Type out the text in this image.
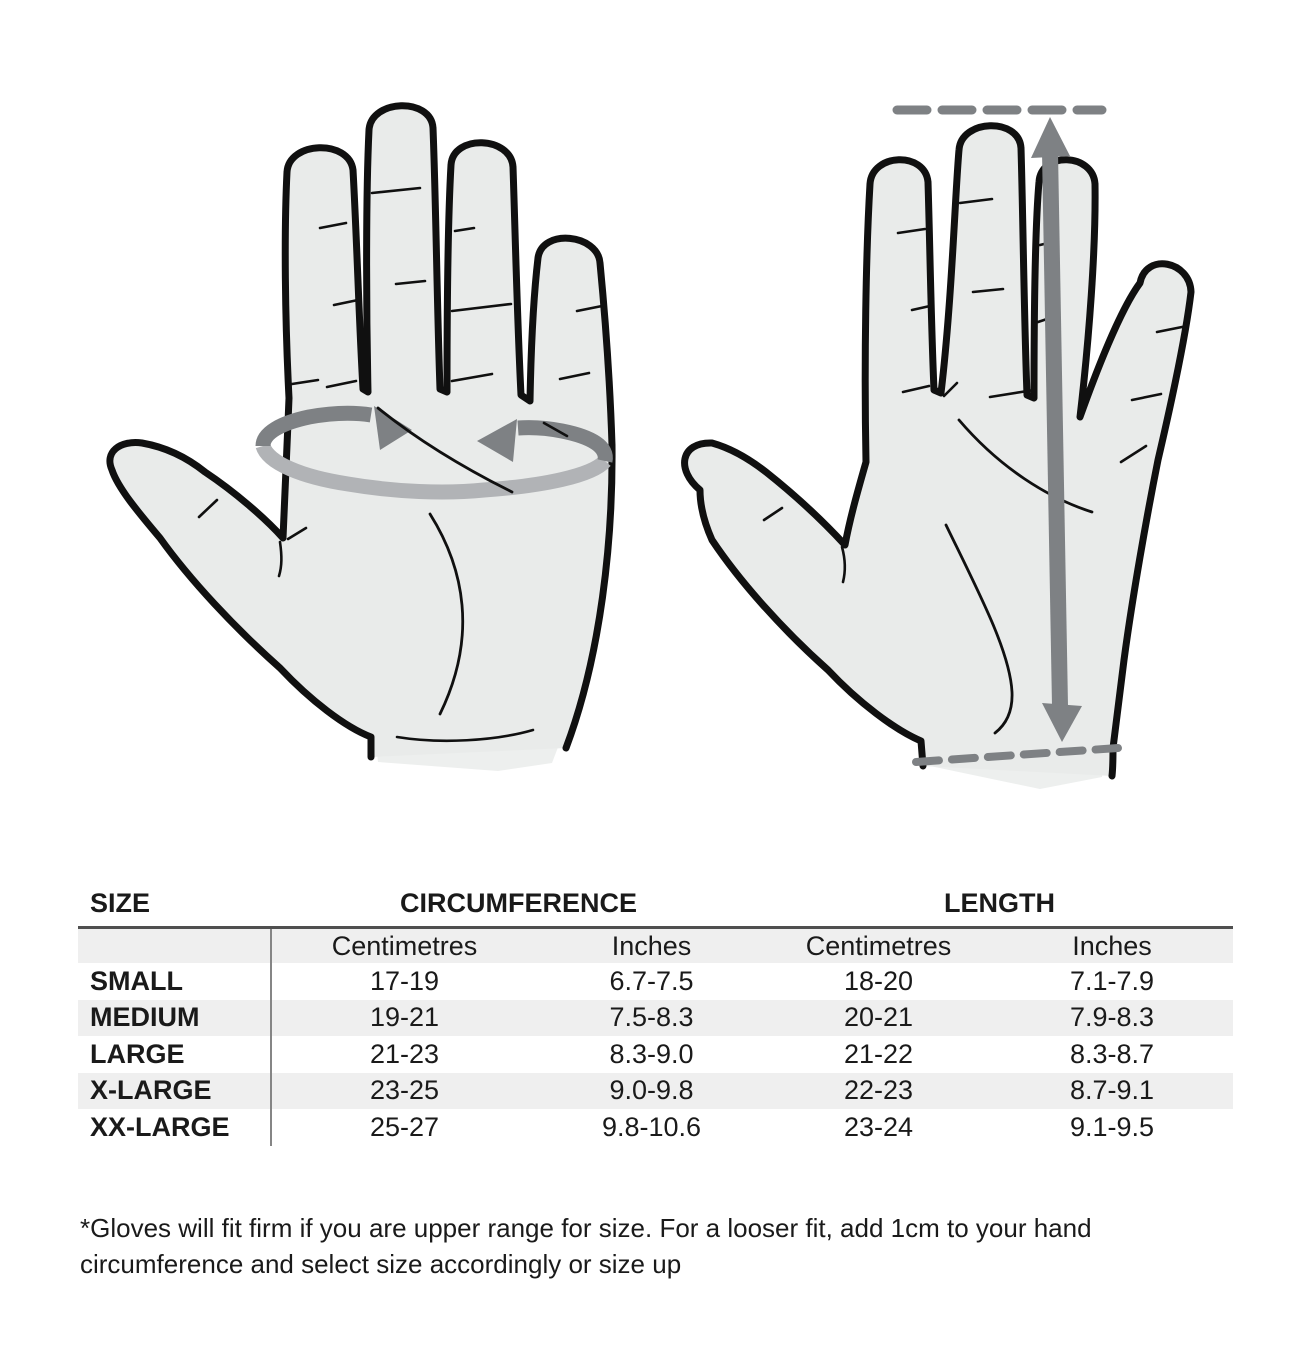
SIZE	CIRCUMFERENCE		LENGTH	
	Centimetres	Inches	Centimetres	Inches
SMALL	17-19	6.7-7.5	18-20	7.1-7.9
MEDIUM	19-21	7.5-8.3	20-21	7.9-8.3
LARGE	21-23	8.3-9.0	21-22	8.3-8.7
X-LARGE	23-25	9.0-9.8	22-23	8.7-9.1
XX-LARGE	25-27	9.8-10.6	23-24	9.1-9.5

*Gloves will fit firm if you are upper range for size. For a looser fit, add 1cm to your hand circumference and select size accordingly or size up
